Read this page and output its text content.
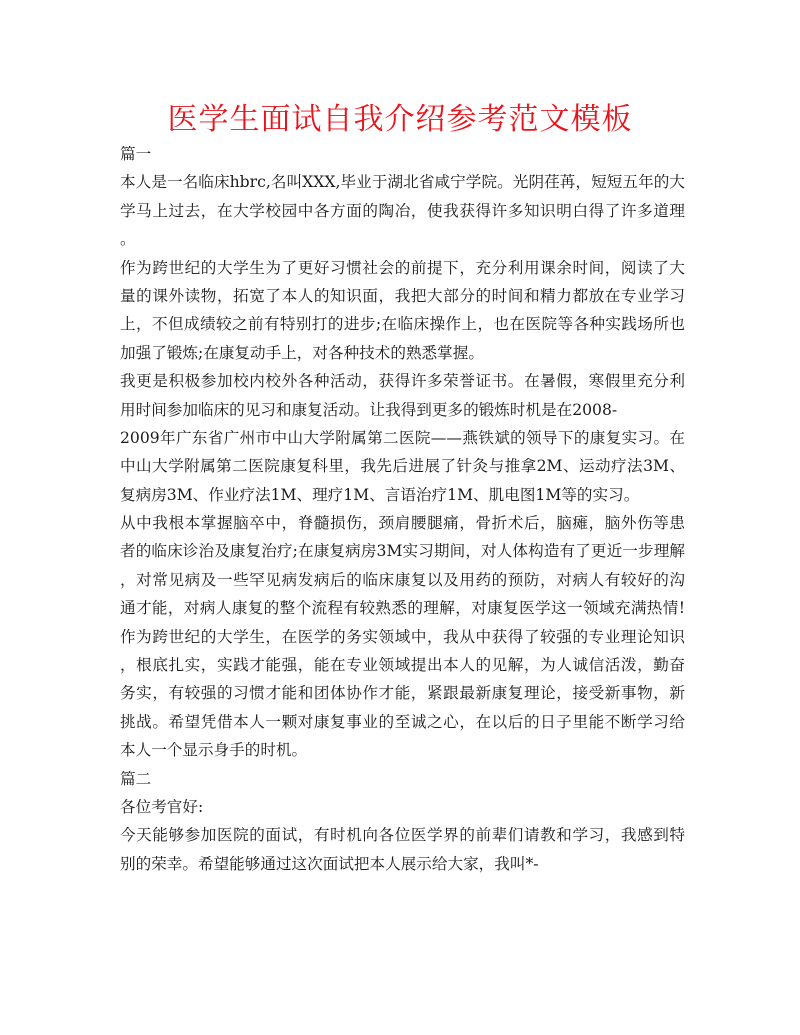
医学生面试自我介绍参考范文模板
篇一
本人是一名临床hbrc,名叫XXX,毕业于湖北省咸宁学院。光阴荏苒，短短五年的大
学马上过去，在大学校园中各方面的陶冶，使我获得许多知识明白得了许多道理
。
作为跨世纪的大学生为了更好习惯社会的前提下，充分利用课余时间，阅读了大
量的课外读物，拓宽了本人的知识面，我把大部分的时间和精力都放在专业学习
上，不但成绩较之前有特别打的进步;在临床操作上，也在医院等各种实践场所也
加强了锻炼;在康复动手上，对各种技术的熟悉掌握。
我更是积极参加校内校外各种活动，获得许多荣誉证书。在暑假，寒假里充分利
用时间参加临床的见习和康复活动。让我得到更多的锻炼时机是在2008-
2009年广东省广州市中山大学附属第二医院——燕铁斌的领导下的康复实习。在
中山大学附属第二医院康复科里，我先后进展了针灸与推拿2M、运动疗法3M、
复病房3M、作业疗法1M、理疗1M、言语治疗1M、肌电图1M等的实习。
从中我根本掌握脑卒中，脊髓损伤，颈肩腰腿痛，骨折术后，脑瘫，脑外伤等患
者的临床诊治及康复治疗;在康复病房3M实习期间，对人体构造有了更近一步理解
，对常见病及一些罕见病发病后的临床康复以及用药的预防，对病人有较好的沟
通才能，对病人康复的整个流程有较熟悉的理解，对康复医学这一领域充满热情!
作为跨世纪的大学生，在医学的务实领域中，我从中获得了较强的专业理论知识
，根底扎实，实践才能强，能在专业领域提出本人的见解，为人诚信活泼，勤奋
务实，有较强的习惯才能和团体协作才能，紧跟最新康复理论，接受新事物，新
挑战。希望凭借本人一颗对康复事业的至诚之心，在以后的日子里能不断学习给
本人一个显示身手的时机。
篇二
各位考官好:
今天能够参加医院的面试，有时机向各位医学界的前辈们请教和学习，我感到特
别的荣幸。希望能够通过这次面试把本人展示给大家，我叫*-
